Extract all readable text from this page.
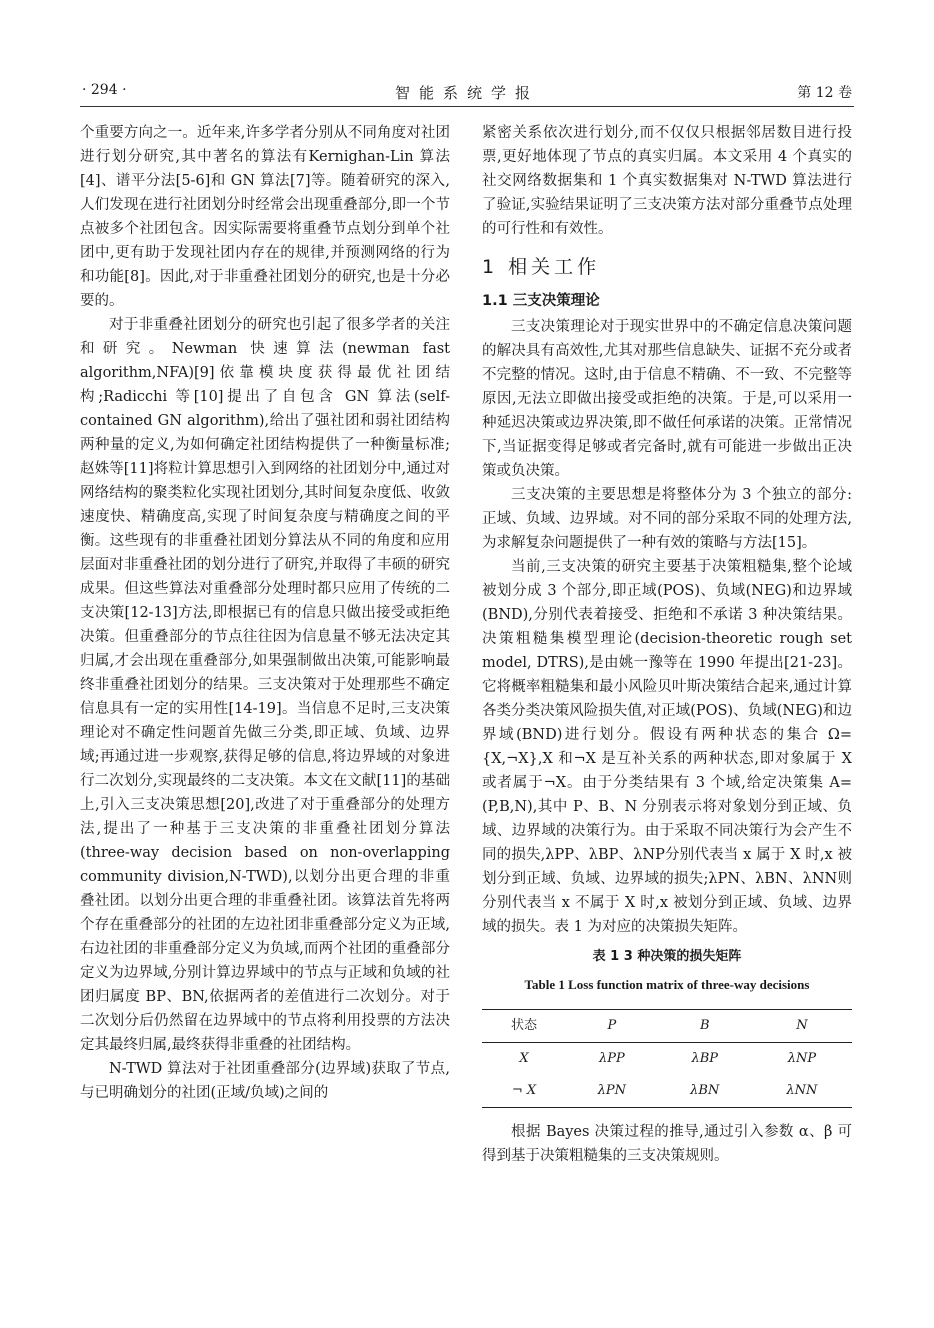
· 294 ·	智能系统学报	第 12 卷

个重要方向之一。近年来,许多学者分别从不同角度对社团进行划分研究,其中著名的算法有Kernighan-Lin 算法[4]、谱平分法[5-6]和 GN 算法[7]等。随着研究的深入,人们发现在进行社团划分时经常会出现重叠部分,即一个节点被多个社团包含。因实际需要将重叠节点划分到单个社团中,更有助于发现社团内存在的规律,并预测网络的行为和功能[8]。因此,对于非重叠社团划分的研究,也是十分必要的。

对于非重叠社团划分的研究也引起了很多学者的关注和研究。Newman 快速算法(newman fast algorithm,NFA)[9]依靠模块度获得最优社团结构;Radicchi 等[10]提出了自包含 GN 算法(self-contained GN algorithm),给出了强社团和弱社团结构两种量的定义,为如何确定社团结构提供了一种衡量标准;赵姝等[11]将粒计算思想引入到网络的社团划分中,通过对网络结构的聚类粒化实现社团划分,其时间复杂度低、收敛速度快、精确度高,实现了时间复杂度与精确度之间的平衡。这些现有的非重叠社团划分算法从不同的角度和应用层面对非重叠社团的划分进行了研究,并取得了丰硕的研究成果。但这些算法对重叠部分处理时都只应用了传统的二支决策[12-13]方法,即根据已有的信息只做出接受或拒绝决策。但重叠部分的节点往往因为信息量不够无法决定其归属,才会出现在重叠部分,如果强制做出决策,可能影响最终非重叠社团划分的结果。三支决策对于处理那些不确定信息具有一定的实用性[14-19]。当信息不足时,三支决策理论对不确定性问题首先做三分类,即正域、负域、边界域;再通过进一步观察,获得足够的信息,将边界域的对象进行二次划分,实现最终的二支决策。本文在文献[11]的基础上,引入三支决策思想[20],改进了对于重叠部分的处理方法,提出了一种基于三支决策的非重叠社团划分算法(three-way decision based on non-overlapping community division,N-TWD),以划分出更合理的非重叠社团。以划分出更合理的非重叠社团。该算法首先将两个存在重叠部分的社团的左边社团非重叠部分定义为正域,右边社团的非重叠部分定义为负域,而两个社团的重叠部分定义为边界域,分别计算边界域中的节点与正域和负域的社团归属度 BP、BN,依据两者的差值进行二次划分。对于二次划分后仍然留在边界域中的节点将利用投票的方法决定其最终归属,最终获得非重叠的社团结构。

N-TWD 算法对于社团重叠部分(边界域)获取了节点,与已明确划分的社团(正域/负域)之间的

紧密关系依次进行划分,而不仅仅只根据邻居数目进行投票,更好地体现了节点的真实归属。本文采用 4 个真实的社交网络数据集和 1 个真实数据集对 N-TWD 算法进行了验证,实验结果证明了三支决策方法对部分重叠节点处理的可行性和有效性。

1 相关工作
1.1 三支决策理论

三支决策理论对于现实世界中的不确定信息决策问题的解决具有高效性,尤其对那些信息缺失、证据不充分或者不完整的情况。这时,由于信息不精确、不一致、不完整等原因,无法立即做出接受或拒绝的决策。于是,可以采用一种延迟决策或边界决策,即不做任何承诺的决策。正常情况下,当证据变得足够或者完备时,就有可能进一步做出正决策或负决策。

三支决策的主要思想是将整体分为 3 个独立的部分:正域、负域、边界域。对不同的部分采取不同的处理方法,为求解复杂问题提供了一种有效的策略与方法[15]。

当前,三支决策的研究主要基于决策粗糙集,整个论域被划分成 3 个部分,即正域(POS)、负域(NEG)和边界域(BND),分别代表着接受、拒绝和不承诺 3 种决策结果。决策粗糙集模型理论(decision-theoretic rough set model, DTRS),是由姚一豫等在 1990 年提出[21-23]。它将概率粗糙集和最小风险贝叶斯决策结合起来,通过计算各类分类决策风险损失值,对正域(POS)、负域(NEG)和边界域(BND)进行划分。假设有两种状态的集合 Ω={X,¬X},X 和¬X 是互补关系的两种状态,即对象属于 X 或者属于¬X。由于分类结果有 3 个域,给定决策集 A=(P,B,N),其中 P、B、N 分别表示将对象划分到正域、负域、边界域的决策行为。由于采取不同决策行为会产生不同的损失,λPP、λBP、λNP分别代表当 x 属于 X 时,x 被划分到正域、负域、边界域的损失;λPN、λBN、λNN则分别代表当 x 不属于 X 时,x 被划分到正域、负域、边界域的损失。表 1 为对应的决策损失矩阵。

表 1 3 种决策的损失矩阵
Table 1 Loss function matrix of three-way decisions
状态	P	B	N
X	λPP	λBP	λNP
¬ X	λPN	λBN	λNN

根据 Bayes 决策过程的推导,通过引入参数 α、β 可得到基于决策粗糙集的三支决策规则。
